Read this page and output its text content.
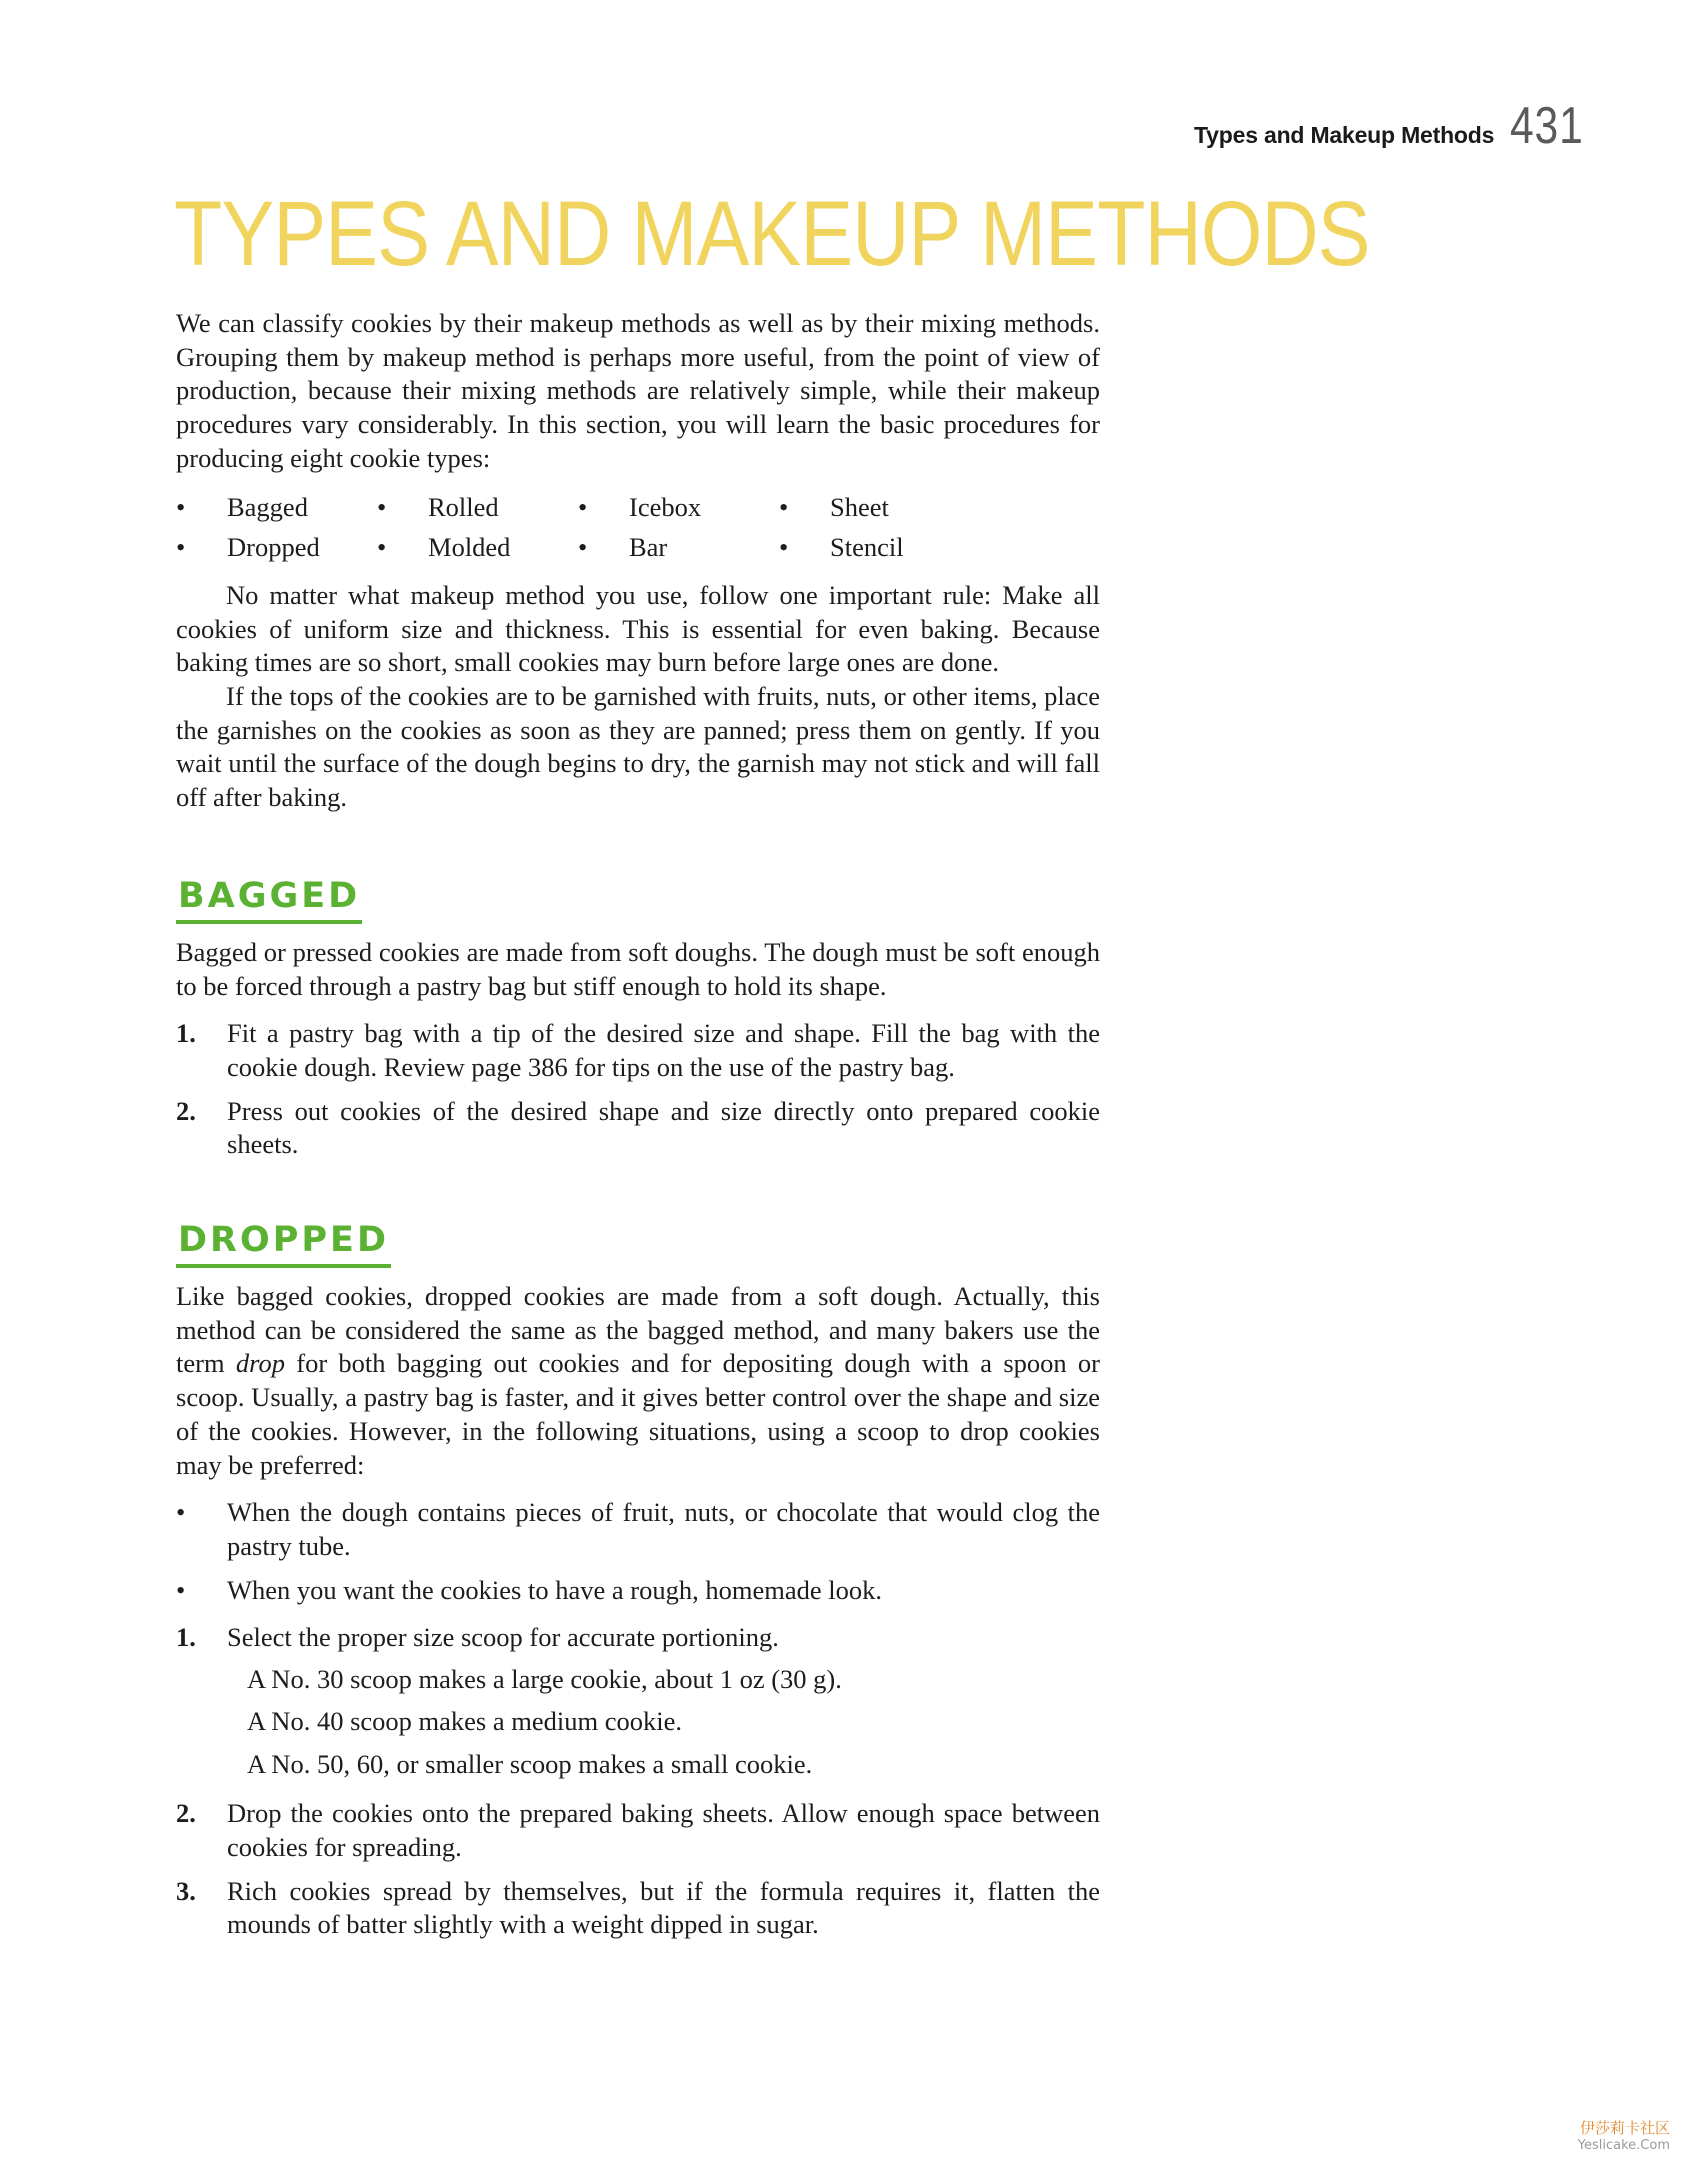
Types and Makeup Methods 431
TYPES AND MAKEUP METHODS

We can classify cookies by their makeup methods as well as by their mixing methods. Grouping them by makeup method is perhaps more useful, from the point of view of production, because their mixing methods are relatively simple, while their makeup procedures vary considerably. In this section, you will learn the basic procedures for producing eight cookie types:

•	Bagged	•	Rolled	•	Icebox	•	Sheet
•	Dropped •	Molded	•	Bar	•	Stencil

No matter what makeup method you use, follow one important rule: Make all cookies of uniform size and thickness. This is essential for even baking. Because baking times are so short, small cookies may burn before large ones are done.

If the tops of the cookies are to be garnished with fruits, nuts, or other items, place the garnishes on the cookies as soon as they are panned; press them on gently. If you wait until the surface of the dough begins to dry, the garnish may not stick and will fall off after baking.

BAGGED

Bagged or pressed cookies are made from soft doughs. The dough must be soft enough to be forced through a pastry bag but stiff enough to hold its shape.

1.	Fit a pastry bag with a tip of the desired size and shape. Fill the bag with the cookie dough. Review page 386 for tips on the use of the pastry bag.
2.	Press out cookies of the desired shape and size directly onto prepared cookie sheets.
DROPPED

Like bagged cookies, dropped cookies are made from a soft dough. Actually, this method can be considered the same as the bagged method, and many bakers use the term drop for both bagging out cookies and for depositing dough with a spoon or scoop. Usually, a pastry bag is faster, and it gives better control over the shape and size of the cookies. However, in the following situations, using a scoop to drop cookies may be preferred:

•	When the dough contains pieces of fruit, nuts, or chocolate that would clog the pastry tube.
•	When you want the cookies to have a rough, homemade look.
1.	Select the proper size scoop for accurate portioning.
A No. 30 scoop makes a large cookie, about 1 oz (30 g).
A No. 40 scoop makes a medium cookie.
A No. 50, 60, or smaller scoop makes a small cookie.
2.	Drop the cookies onto the prepared baking sheets. Allow enough space between cookies for spreading.
3.	Rich cookies spread by themselves, but if the formula requires it, flatten the mounds of batter slightly with a weight dipped in sugar.
伊莎莉卡社区
Yeslicake.Com
